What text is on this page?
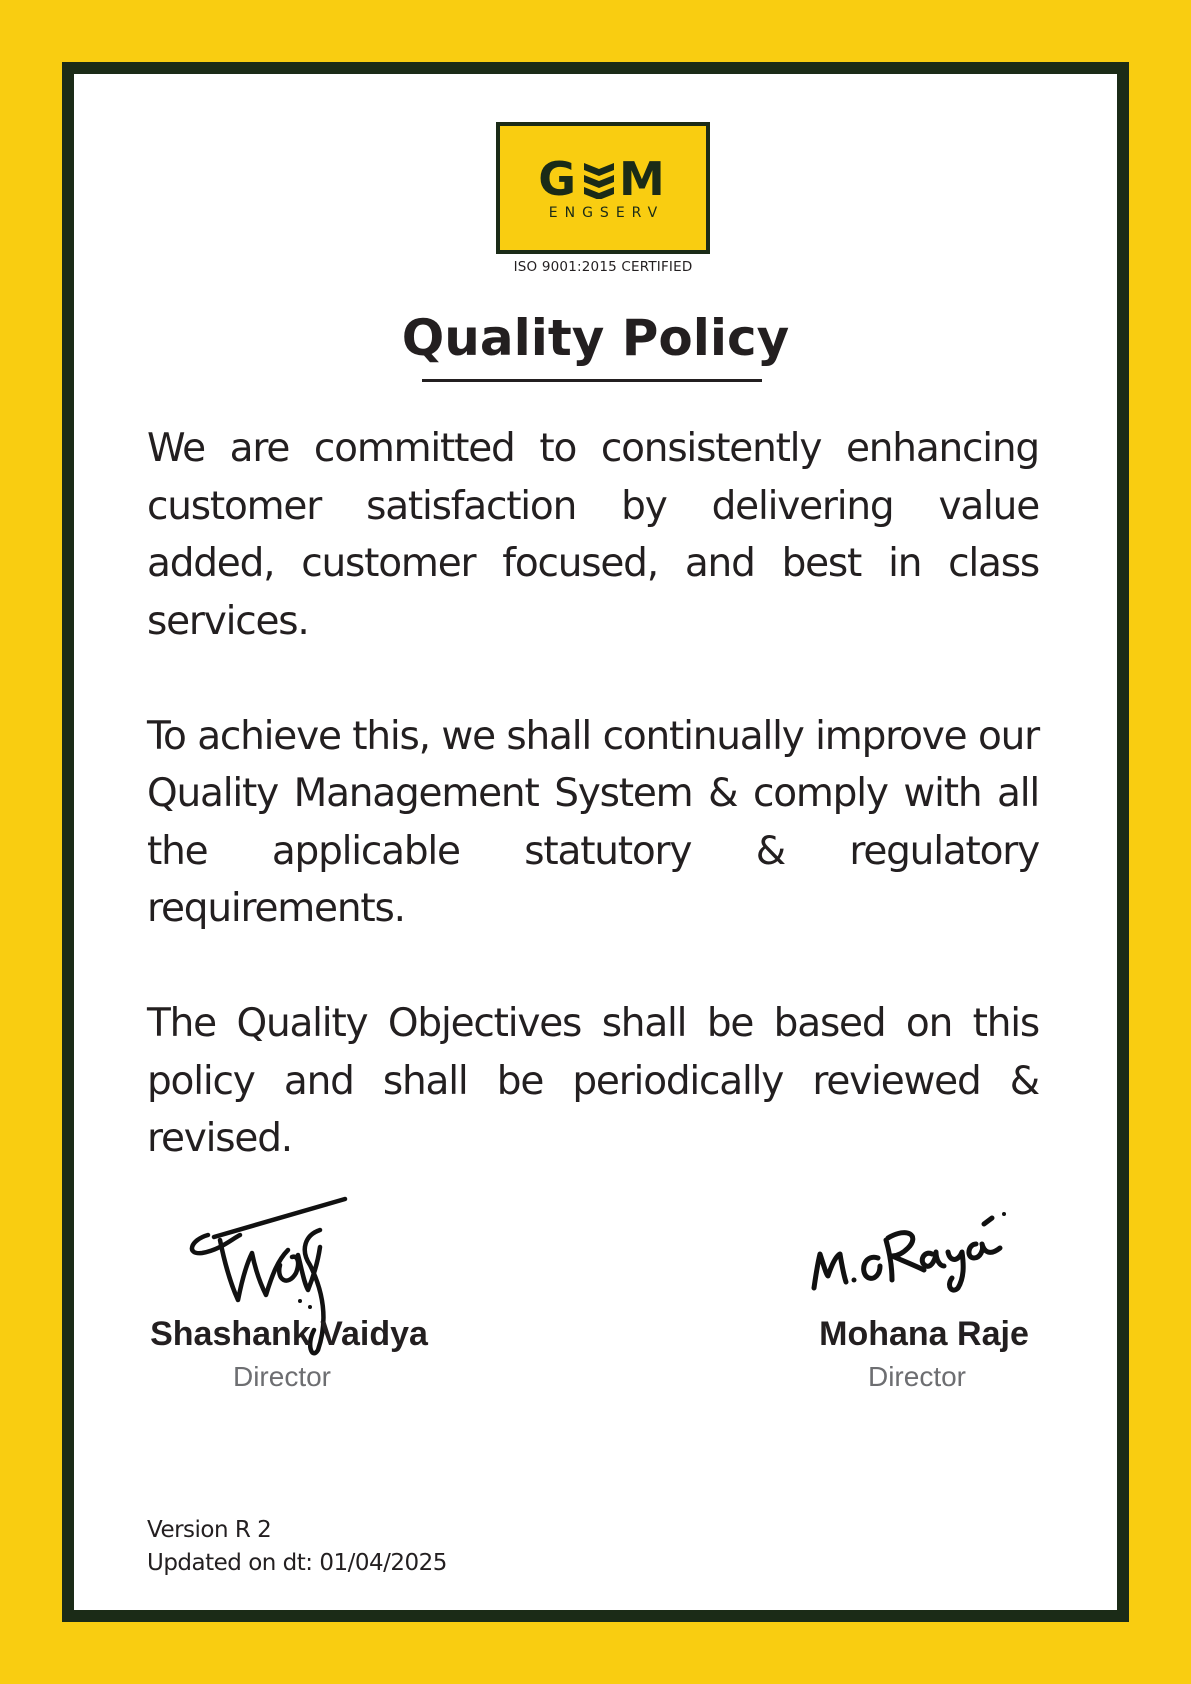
G M
ENGSERV
ISO 9001:2015 CERTIFIED
Quality Policy

We are committed to consistently enhancing customer satisfaction by delivering value added, customer focused, and best in class services.

To achieve this, we shall continually improve our Quality Management System & comply with all the applicable statutory & regulatory requirements.

The Quality Objectives shall be based on this policy and shall be periodically reviewed & revised.

Shashank Vaidya
Director
Mohana Raje
Director
Version R 2
Updated on dt: 01/04/2025
